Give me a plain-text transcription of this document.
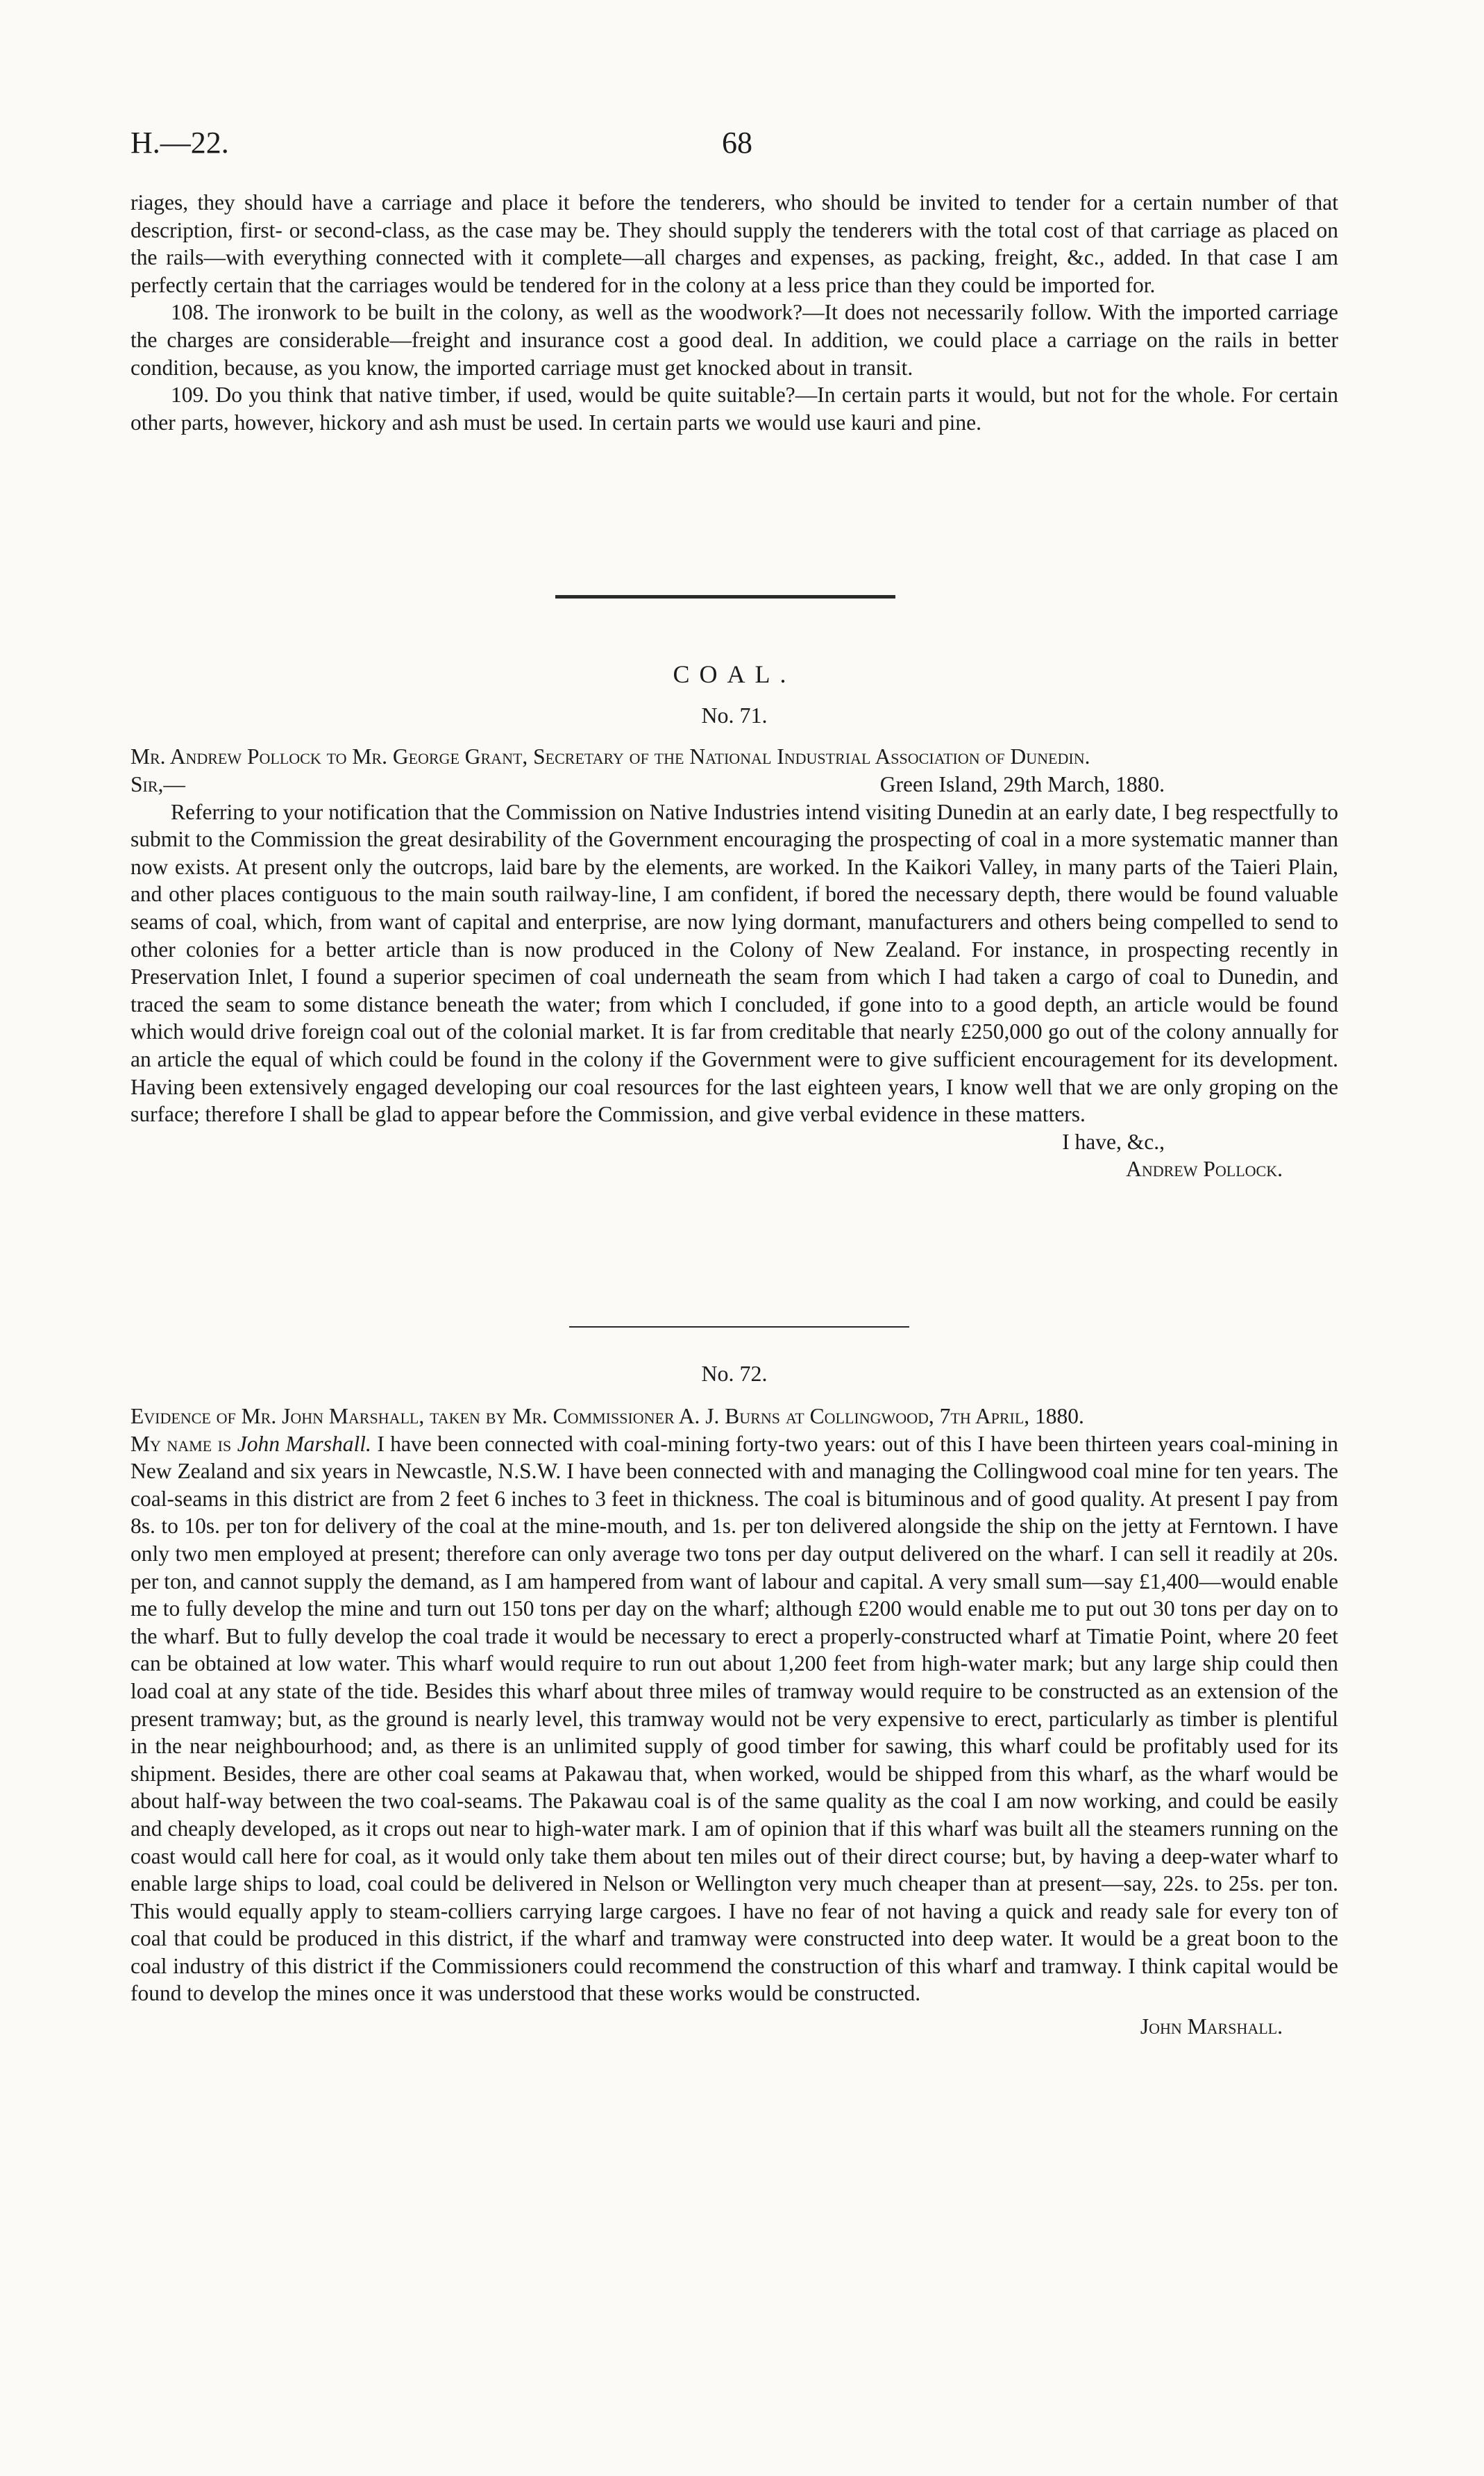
H.—22.	68

riages, they should have a carriage and place it before the tenderers, who should be invited to tender for a certain number of that description, first- or second-class, as the case may be. They should supply the tenderers with the total cost of that carriage as placed on the rails—with everything connected with it complete—all charges and expenses, as packing, freight, &c., added. In that case I am perfectly certain that the carriages would be tendered for in the colony at a less price than they could be imported for.

108. The ironwork to be built in the colony, as well as the woodwork?—It does not necessarily follow. With the imported carriage the charges are considerable—freight and insurance cost a good deal. In addition, we could place a carriage on the rails in better condition, because, as you know, the imported carriage must get knocked about in transit.

109. Do you think that native timber, if used, would be quite suitable?—In certain parts it would, but not for the whole. For certain other parts, however, hickory and ash must be used. In certain parts we would use kauri and pine.

COAL.
No. 71.

Mr. Andrew Pollock to Mr. George Grant, Secretary of the National Industrial Association of Dunedin.

Sir,—	Green Island, 29th March, 1880.

Referring to your notification that the Commission on Native Industries intend visiting Dunedin at an early date, I beg respectfully to submit to the Commission the great desirability of the Government encouraging the prospecting of coal in a more systematic manner than now exists. At present only the outcrops, laid bare by the elements, are worked. In the Kaikori Valley, in many parts of the Taieri Plain, and other places contiguous to the main south railway-line, I am confident, if bored the necessary depth, there would be found valuable seams of coal, which, from want of capital and enterprise, are now lying dormant, manufacturers and others being compelled to send to other colonies for a better article than is now produced in the Colony of New Zealand. For instance, in prospecting recently in Preservation Inlet, I found a superior specimen of coal underneath the seam from which I had taken a cargo of coal to Dunedin, and traced the seam to some distance beneath the water; from which I concluded, if gone into to a good depth, an article would be found which would drive foreign coal out of the colonial market. It is far from creditable that nearly £250,000 go out of the colony annually for an article the equal of which could be found in the colony if the Government were to give sufficient encouragement for its development. Having been extensively engaged developing our coal resources for the last eighteen years, I know well that we are only groping on the surface; therefore I shall be glad to appear before the Commission, and give verbal evidence in these matters.

I have, &c.,

Andrew Pollock.

No. 72.

Evidence of Mr. John Marshall, taken by Mr. Commissioner A. J. Burns at Collingwood, 7th April, 1880.

My name is John Marshall. I have been connected with coal-mining forty-two years: out of this I have been thirteen years coal-mining in New Zealand and six years in Newcastle, N.S.W. I have been connected with and managing the Collingwood coal mine for ten years. The coal-seams in this district are from 2 feet 6 inches to 3 feet in thickness. The coal is bituminous and of good quality. At present I pay from 8s. to 10s. per ton for delivery of the coal at the mine-mouth, and 1s. per ton delivered alongside the ship on the jetty at Ferntown. I have only two men employed at present; therefore can only average two tons per day output delivered on the wharf. I can sell it readily at 20s. per ton, and cannot supply the demand, as I am hampered from want of labour and capital. A very small sum—say £1,400—would enable me to fully develop the mine and turn out 150 tons per day on the wharf; although £200 would enable me to put out 30 tons per day on to the wharf. But to fully develop the coal trade it would be necessary to erect a properly-constructed wharf at Timatie Point, where 20 feet can be obtained at low water. This wharf would require to run out about 1,200 feet from high-water mark; but any large ship could then load coal at any state of the tide. Besides this wharf about three miles of tramway would require to be constructed as an extension of the present tramway; but, as the ground is nearly level, this tramway would not be very expensive to erect, particularly as timber is plentiful in the near neighbourhood; and, as there is an unlimited supply of good timber for sawing, this wharf could be profitably used for its shipment. Besides, there are other coal seams at Pakawau that, when worked, would be shipped from this wharf, as the wharf would be about half-way between the two coal-seams. The Pakawau coal is of the same quality as the coal I am now working, and could be easily and cheaply developed, as it crops out near to high-water mark. I am of opinion that if this wharf was built all the steamers running on the coast would call here for coal, as it would only take them about ten miles out of their direct course; but, by having a deep-water wharf to enable large ships to load, coal could be delivered in Nelson or Wellington very much cheaper than at present—say, 22s. to 25s. per ton. This would equally apply to steam-colliers carrying large cargoes. I have no fear of not having a quick and ready sale for every ton of coal that could be produced in this district, if the wharf and tramway were constructed into deep water. It would be a great boon to the coal industry of this district if the Commissioners could recommend the construction of this wharf and tramway. I think capital would be found to develop the mines once it was understood that these works would be constructed.

John Marshall.
